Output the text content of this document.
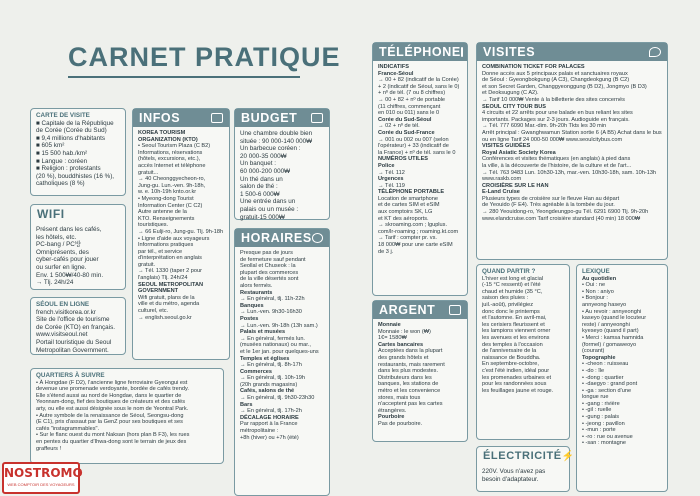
CARNET PRATIQUE
CARTE DE VISITE
■ Capitale de la République
de Corée (Corée du Sud)
■ 9,4 millions d'habitants
■ 605 km²
■ 15 500 hab./km²
■ Langue : coréen
■ Religion : protestants
(20 %), bouddhistes (16 %),
catholiques (8 %)
WIFI
Présent dans les cafés,
les hôtels, etc.
PC-bang / PC방
Omniprésents, des
cyber-cafés pour jouer
ou surfer en ligne.
Env. 1 500₩/40-80 min.
→ Tlj. 24h/24
SÉOUL EN LIGNE
french.visitkorea.or.kr
Site de l'office de tourisme
de Corée (KTO) en français.
www.visitseoul.net
Portail touristique du Seoul
Metropolitan Government.
QUARTIERS À SUIVRE
• À Hongdae (F D2), l'ancienne ligne ferroviaire Gyeongui est
devenue une promenade verdoyante, bordée de cafés trendy.
Elle s'étend aussi au nord de Hongdae, dans le quartier de
Yeonnam-dong, fief des boutiques de créateurs et des cafés
arty, ou elle est aussi désignée sous le nom de Yeontral Park.
• Autre symbole de la renaissance de Séoul, Seongsu-dong
(E C1), pris d'assaut par la GenZ pour ses boutiques et ses
cafés "instagrammables".
• Sur le flanc ouest du mont Naksan (hors plan B F3), les rues
en pentes du quartier d'Ihwa-dong sont le terrain de jeux des
graffeurs !
INFOS
KOREA TOURISM
ORGANIZATION (KTO)
• Seoul Tourism Plaza (C B2)
Informations, réservations
(hôtels, excursions, etc.),
accès Internet et téléphone
gratuit...
→ 40 Cheonggyecheon-ro,
Jung-gu. Lun.-ven. 9h-18h,
w. e. 10h-19h knto.or.kr
• Myeong-dong Tourist
Information Center (C C2)
Autre antenne de la
KTO. Renseignements
touristiques.
→ 66 Eulji-ro, Jung-gu. Tlj. 9h-18h
• Ligne d'aide aux voyageurs
Informations pratiques
par tél., et service
d'interprétation en anglais
gratuit.
→ Tél. 1330 (taper 2 pour
l'anglais) Tlj. 24h/24
SEOUL METROPOLITAN
GOVERNMENT
Wifi gratuit, plans de la
ville et du métro, agenda
culturel, etc.
→ english.seoul.go.kr
BUDGET
Une chambre double bien
située : 90 000-140 000₩
Un barbecue coréen :
20 000-35 000₩
Un banquet :
60 000-200 000₩
Un thé dans un
salon de thé :
1 500-6 000₩
Une entrée dans un
palais ou un musée :
gratuit-15 000₩
HORAIRES
Presque pas de jours
de fermeture sauf pendant
Seollal et Chuseok : la
plupart des commerces
de la ville désertés sont
alors fermés.
Restaurants
→ En général, tlj. 11h-22h
Banques
→ Lun.-ven. 9h30-16h30
Postes
→ Lun.-ven. 9h-18h (13h sam.)
Palais et musées
→ En général, fermés lun.
(musées nationaux) ou mar.,
et le 1er jan. pour quelques-uns
Temples et églises
→ En général, tlj. 8h-17h
Commerces
→ En général, tlj. 10h-19h
(20h grands magasins)
Cafés, salons de thé
→ En général, tlj. 9h30-23h30
Bars
→ En général, tlj. 17h-2h
DÉCALAGE HORAIRE
Par rapport à la France
métropolitaine :
+8h (hiver) ou +7h (été)
TÉLÉPHONE
INDICATIFS
France-Séoul
→ 00 + 82 (indicatif de la Corée)
+ 2 (indicatif de Séoul, sans le 0)
+ nº de tél. (7 ou 8 chiffres)
→ 00 + 82 + nº de portable
(11 chiffres, commençant
en 010 ou 011) sans le 0
Corée du Sud-Séoul
→ 02 + nº de tél.
Corée du Sud-France
→ 001 ou 002 ou 007 (selon
l'opérateur) + 33 (indicatif de
la France) + nº de tél. sans le 0
NUMÉROS UTILES
Police
→ Tél. 112
Urgences
→ Tél. 119
TÉLÉPHONE PORTABLE
Location de smartphone
et de cartes SIM et eSIM
aux comptoirs SK, LG
et KT des aéroports.
→ skroaming.com ; lguplus.
com/lr-roaming ; roaming.kt.com
→ Tarif : compter pr. vs.
18 000₩ pour une carte eSIM
de 3 j.
ARGENT
Monnaie
Monnaie : le won (₩)
1€= 1580₩
Cartes bancaires
Acceptées dans la plupart
des grands hôtels et
restaurants, mais rarement
dans les plus modestes.
Distributeurs dans les
banques, les stations de
métro et les convenience
stores, mais tous
n'acceptent pas les cartes
étrangères.
Pourboire
Pas de pourboire.
VISITES
COMBINATION TICKET FOR PALACES
Donne accès aux 5 principaux palais et sanctuaires royaux
de Séoul : Gyeongbokgung (A C3), Changdeokgung (B C2)
et son Secret Garden, Changgyeonggung (B D2), Jongmyo (B D3)
et Deoksugung (C A2).
→ Tarif 10 000₩ Vente à la billetterie des sites concernés
SEOUL CITY TOUR BUS
4 circuits et 22 arrêts pour une balade en bus reliant les sites
importants. Packages sur 2-3 jours. Audioguide en français.
→ Tél. 777 6090 Mar.-dim. 9h-20h Tkts les 30 min
Arrêt principal : Gwanghwamun Station sortie 6 (A B5) Achat dans le bus
ou en ligne Tarif 24 000-50 000₩ www.seoulcitybus.com
VISITES GUIDÉES
Royal Asiatic Society Korea
Conférences et visites thématiques (en anglais) à pied dans
la ville, à la découverte de l'histoire, de la culture et de l'art...
→ Tél. 763 9483 Lun. 10h30-13h, mar.-ven. 10h30-18h, sam. 10h-13h
www.raskb.com
CROISIÈRE SUR LE HAN
E-Land Cruise
Plusieurs types de croisière sur le fleuve Han au départ
de Yeouido (F E4). Très agréable à la tombée du jour.
→ 280 Yeouidong-ro, Yeongdeungpo-gu Tél. 6291 6900 Tlj. 9h-20h
www.elandcruise.com Tarif croisière standard (40 min) 18 000₩
QUAND PARTIR ?
L'hiver est long et glacial
(-15 °C ressenti) et l'été
chaud et humide (35 °C,
saison des pluies :
juil.-août), privilégiez
donc donc le printemps
et l'automne. En avril-mai,
les cerisiers fleurissent et
les lampions viennent orner
les avenues et les environs
des temples à l'occasion
de l'anniversaire de la
naissance de Bouddha.
En septembre-octobre,
c'est l'été indien, idéal pour
les promenades urbaines et
pour les randonnées sous
les feuillages jaune et rouge.
LEXIQUE
Au quotidien
• Oui : ne
• Non : aniyo
• Bonjour :
annyeong haseyo
• Au revoir : annyeonghi
kaseyo (quand le locuteur
reste) / annyeonghi
kyeseyo (quand il part)
• Merci : kamsa hamnida
(formel) / gomaweoyo
(courant)
Topographie
• -cheon : ruisseau
• -do : île
• -dong : quartier
• -daegyo : grand pont
• -ga : section d'une
longue rue
• -gang : rivière
• -gil : ruelle
• -gung : palais
• -jeong : pavillon
• -mun : porte
• -ro : rue ou avenue
• -san : montagne
ÉLECTRICITÉ ⚡
220V. Vous n'avez pas
besoin d'adaptateur.
NOSTROMO
WEB COMPTOIR DES VOYAGEURS
